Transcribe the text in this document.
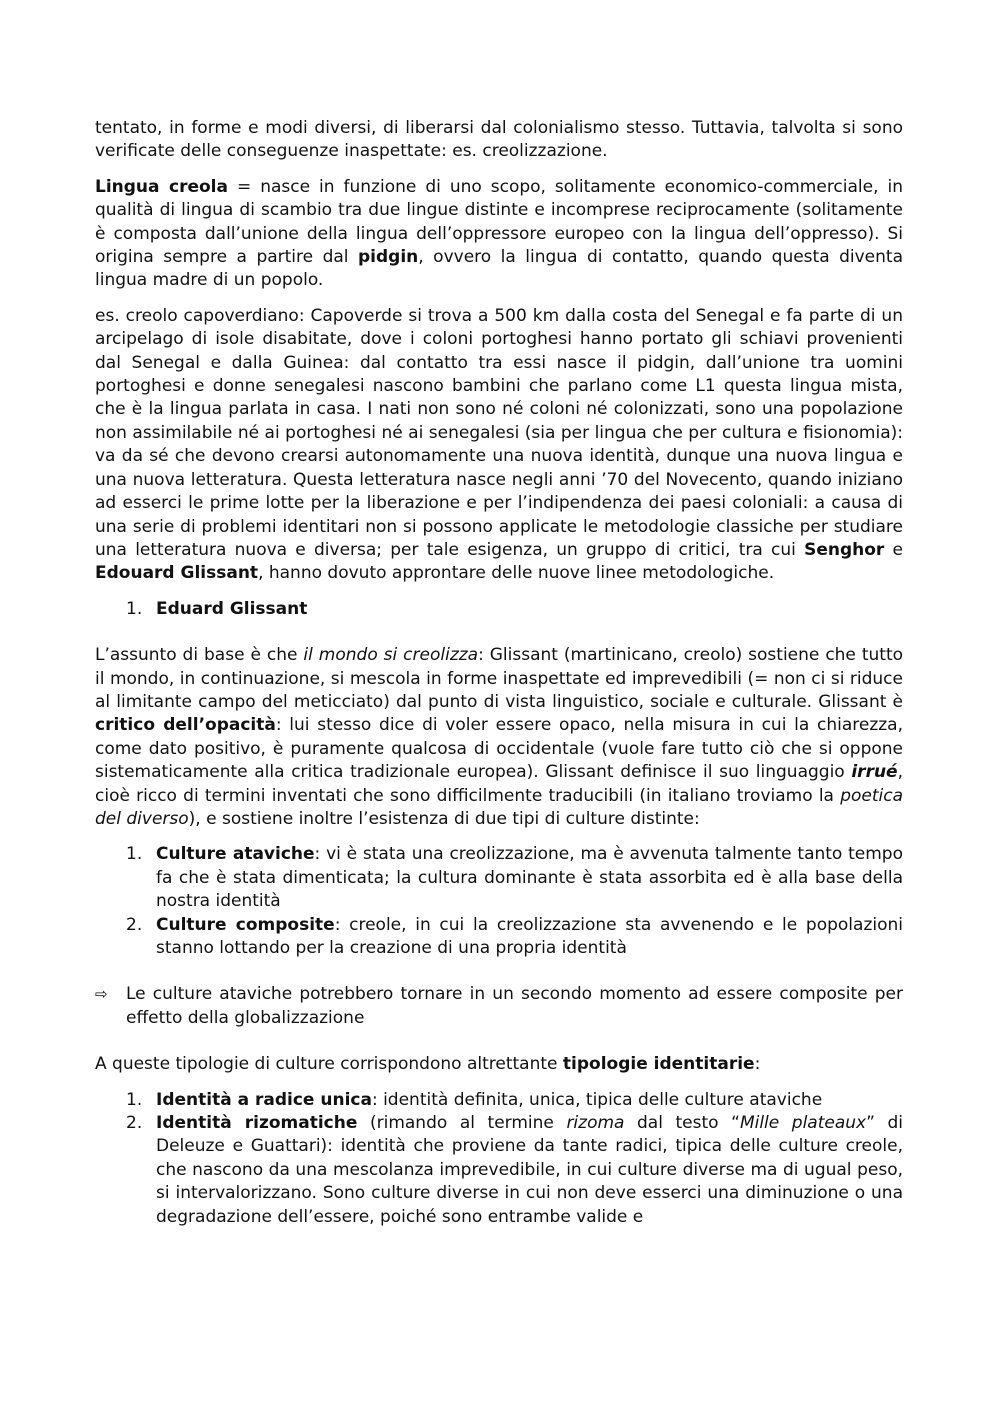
tentato, in forme e modi diversi, di liberarsi dal colonialismo stesso. Tuttavia, talvolta si sono verificate delle conseguenze inaspettate: es. creolizzazione.

Lingua creola = nasce in funzione di uno scopo, solitamente economico-commerciale, in qualità di lingua di scambio tra due lingue distinte e incomprese reciprocamente (solitamente è composta dall’unione della lingua dell’oppressore europeo con la lingua dell’oppresso). Si origina sempre a partire dal pidgin, ovvero la lingua di contatto, quando questa diventa lingua madre di un popolo.

es. creolo capoverdiano: Capoverde si trova a 500 km dalla costa del Senegal e fa parte di un arcipelago di isole disabitate, dove i coloni portoghesi hanno portato gli schiavi provenienti dal Senegal e dalla Guinea: dal contatto tra essi nasce il pidgin, dall’unione tra uomini portoghesi e donne senegalesi nascono bambini che parlano come L1 questa lingua mista, che è la lingua parlata in casa. I nati non sono né coloni né colonizzati, sono una popolazione non assimilabile né ai portoghesi né ai senegalesi (sia per lingua che per cultura e fisionomia): va da sé che devono crearsi autonomamente una nuova identità, dunque una nuova lingua e una nuova letteratura. Questa letteratura nasce negli anni ’70 del Novecento, quando iniziano ad esserci le prime lotte per la liberazione e per l’indipendenza dei paesi coloniali: a causa di una serie di problemi identitari non si possono applicate le metodologie classiche per studiare una letteratura nuova e diversa; per tale esigenza, un gruppo di critici, tra cui Senghor e Edouard Glissant, hanno dovuto approntare delle nuove linee metodologiche.

1. Eduard Glissant

L’assunto di base è che il mondo si creolizza: Glissant (martinicano, creolo) sostiene che tutto il mondo, in continuazione, si mescola in forme inaspettate ed imprevedibili (= non ci si riduce al limitante campo del meticciato) dal punto di vista linguistico, sociale e culturale. Glissant è critico dell’opacità: lui stesso dice di voler essere opaco, nella misura in cui la chiarezza, come dato positivo, è puramente qualcosa di occidentale (vuole fare tutto ciò che si oppone sistematicamente alla critica tradizionale europea). Glissant definisce il suo linguaggio irrué, cioè ricco di termini inventati che sono difficilmente traducibili (in italiano troviamo la poetica del diverso), e sostiene inoltre l’esistenza di due tipi di culture distinte:

1. Culture ataviche: vi è stata una creolizzazione, ma è avvenuta talmente tanto tempo fa che è stata dimenticata; la cultura dominante è stata assorbita ed è alla base della nostra identità
2. Culture composite: creole, in cui la creolizzazione sta avvenendo e le popolazioni stanno lottando per la creazione di una propria identità
⇨ Le culture ataviche potrebbero tornare in un secondo momento ad essere composite per effetto della globalizzazione

A queste tipologie di culture corrispondono altrettante tipologie identitarie:

1. Identità a radice unica: identità definita, unica, tipica delle culture ataviche
2. Identità rizomatiche (rimando al termine rizoma dal testo “Mille plateaux” di Deleuze e Guattari): identità che proviene da tante radici, tipica delle culture creole, che nascono da una mescolanza imprevedibile, in cui culture diverse ma di ugual peso, si intervalorizzano. Sono culture diverse in cui non deve esserci una diminuzione o una degradazione dell’essere, poiché sono entrambe valide e
